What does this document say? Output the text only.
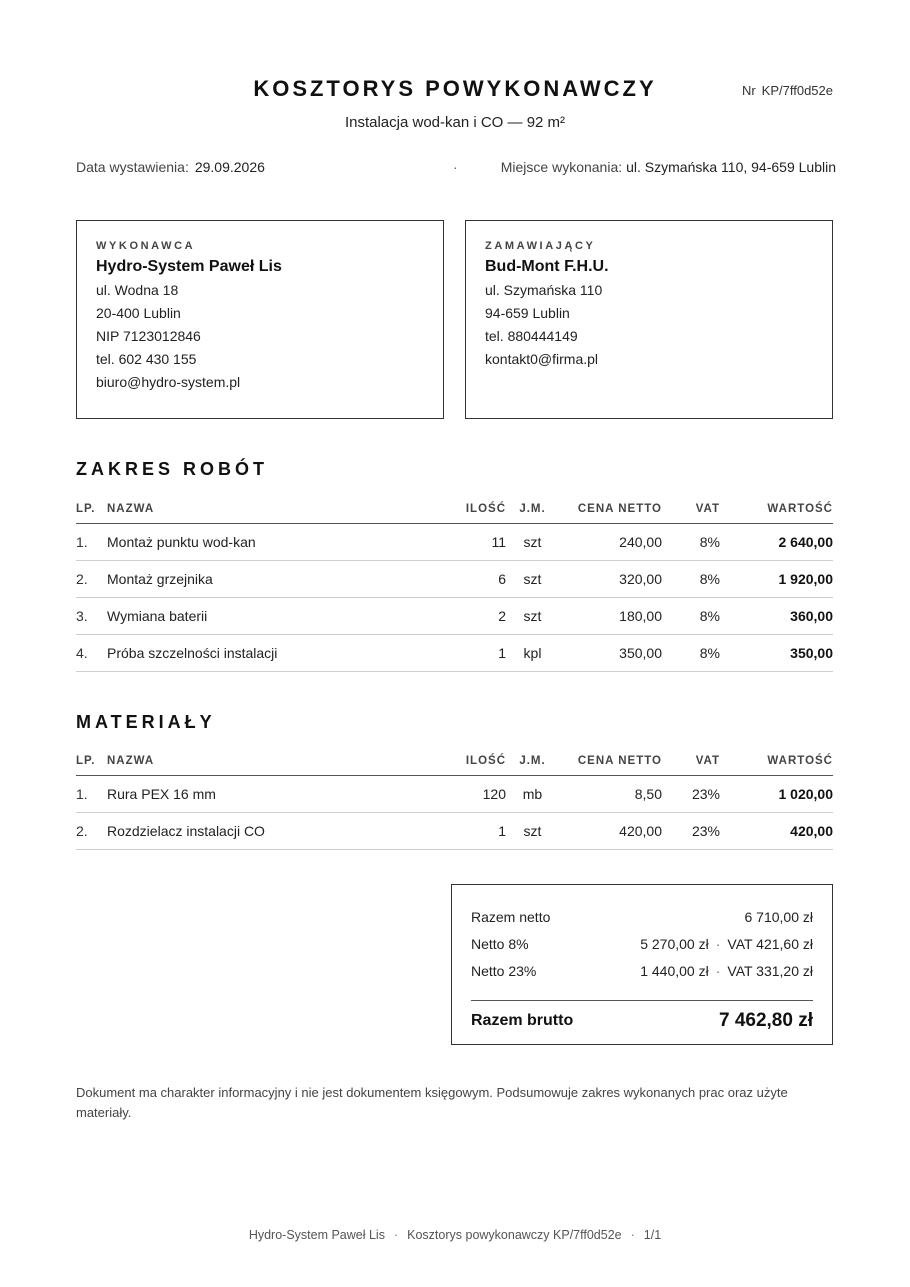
KOSZTORYS POWYKONAWCZY	Nr KP/7ff0d52e
Instalacja wod-kan i CO — 92 m²
Data wystawienia: 29.09.2026	·	Miejsce wykonania: ul. Szymańska 110, 94-659 Lublin
WYKONAWCA
Hydro-System Paweł Lis
ul. Wodna 18
20-400 Lublin
NIP 7123012846
tel. 602 430 155
biuro@hydro-system.pl
ZAMAWIAJĄCY
Bud-Mont F.H.U.
ul. Szymańska 110
94-659 Lublin
tel. 880444149
kontakt0@firma.pl
ZAKRES ROBÓT
LP.	NAZWA	ILOŚĆ	J.M.	CENA NETTO	VAT	WARTOŚĆ
1.	Montaż punktu wod-kan	11	szt	240,00	8%	2 640,00
2.	Montaż grzejnika	6	szt	320,00	8%	1 920,00
3.	Wymiana baterii	2	szt	180,00	8%	360,00
4.	Próba szczelności instalacji	1	kpl	350,00	8%	350,00
MATERIAŁY
LP.	NAZWA	ILOŚĆ	J.M.	CENA NETTO	VAT	WARTOŚĆ
1.	Rura PEX 16 mm	120	mb	8,50	23%	1 020,00
2.	Rozdzielacz instalacji CO	1	szt	420,00	23%	420,00
Razem netto	6 710,00 zł
Netto 8%	5 270,00 zł · VAT 421,60 zł
Netto 23%	1 440,00 zł · VAT 331,20 zł
Razem brutto	7 462,80 zł
Dokument ma charakter informacyjny i nie jest dokumentem księgowym. Podsumowuje zakres wykonanych prac oraz użyte materiały.
Hydro-System Paweł Lis · Kosztorys powykonawczy KP/7ff0d52e · 1/1
